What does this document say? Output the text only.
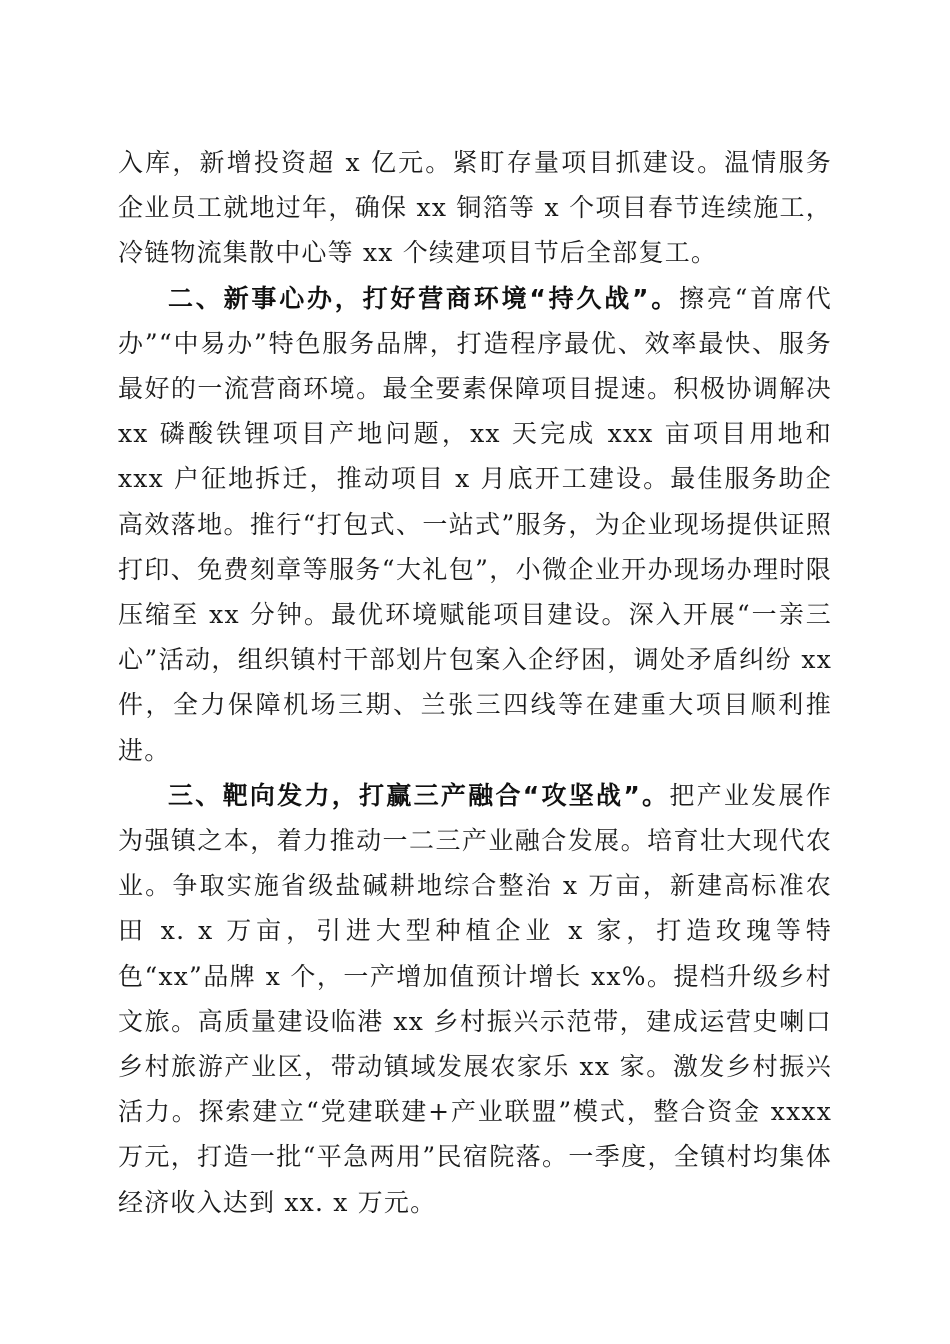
入库，新增投资超 x 亿元。紧盯存量项目抓建设。温情服务企业员工就地过年，确保 xx 铜箔等 x 个项目春节连续施工，冷链物流集散中心等 xx 个续建项目节后全部复工。

二、新事心办，打好营商环境“持久战”。擦亮“首席代办”“中易办”特色服务品牌，打造程序最优、效率最快、服务最好的一流营商环境。最全要素保障项目提速。积极协调解决 xx 磷酸铁锂项目产地问题，xx 天完成 xxx 亩项目用地和 xxx 户征地拆迁，推动项目 x 月底开工建设。最佳服务助企高效落地。推行“打包式、一站式”服务，为企业现场提供证照打印、免费刻章等服务“大礼包”，小微企业开办现场办理时限压缩至 xx 分钟。最优环境赋能项目建设。深入开展“一亲三心”活动，组织镇村干部划片包案入企纾困，调处矛盾纠纷 xx 件，全力保障机场三期、兰张三四线等在建重大项目顺利推进。

三、靶向发力，打赢三产融合“攻坚战”。把产业发展作为强镇之本，着力推动一二三产业融合发展。培育壮大现代农业。争取实施省级盐碱耕地综合整治 x 万亩，新建高标准农田 x. x 万亩，引进大型种植企业 x 家，打造玫瑰等特色“xx”品牌 x 个，一产增加值预计增长 xx%。提档升级乡村文旅。高质量建设临港 xx 乡村振兴示范带，建成运营史喇口乡村旅游产业区，带动镇域发展农家乐 xx 家。激发乡村振兴活力。探索建立“党建联建+产业联盟”模式，整合资金 xxxx 万元，打造一批“平急两用”民宿院落。一季度，全镇村均集体经济收入达到 xx. x 万元。
